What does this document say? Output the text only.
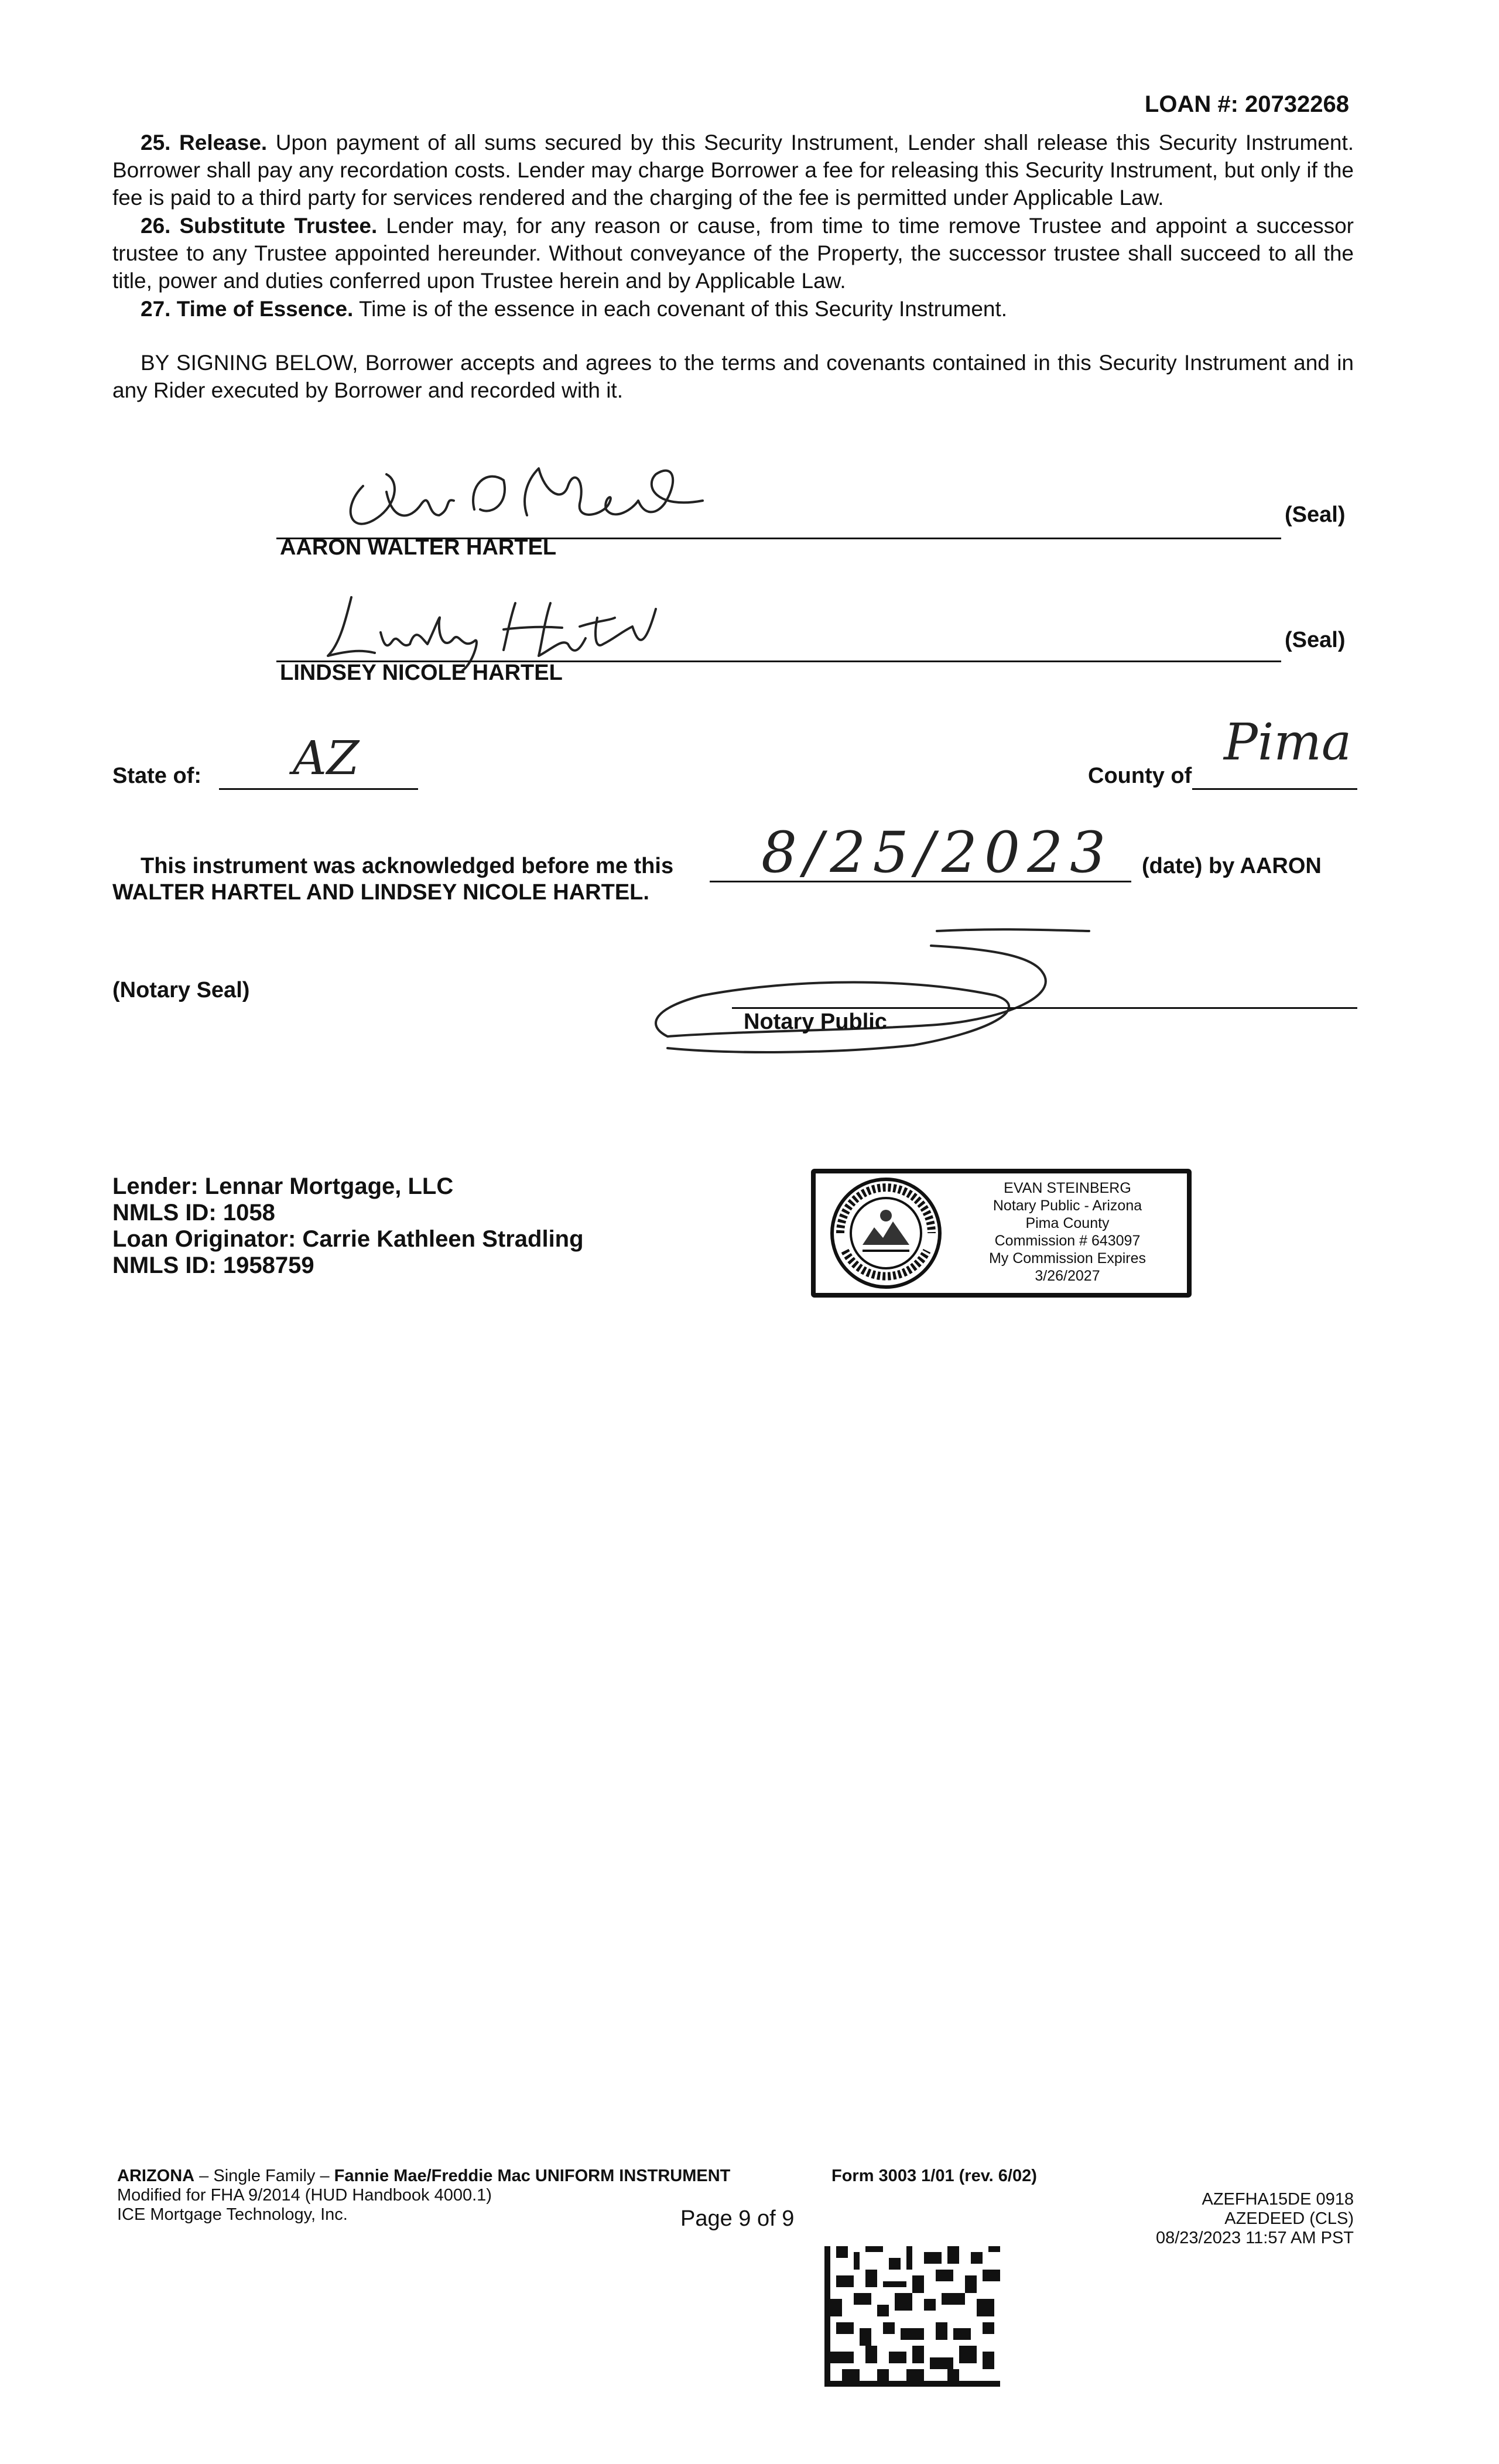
LOAN #: 20732268
25. Release. Upon payment of all sums secured by this Security Instrument, Lender shall release this Security Instrument. Borrower shall pay any recordation costs. Lender may charge Borrower a fee for releasing this Security Instrument, but only if the fee is paid to a third party for services rendered and the charging of the fee is permitted under Applicable Law.
26. Substitute Trustee. Lender may, for any reason or cause, from time to time remove Trustee and appoint a successor trustee to any Trustee appointed hereunder. Without conveyance of the Property, the successor trustee shall succeed to all the title, power and duties conferred upon Trustee herein and by Applicable Law.
27. Time of Essence. Time is of the essence in each covenant of this Security Instrument.
BY SIGNING BELOW, Borrower accepts and agrees to the terms and covenants contained in this Security Instrument and in any Rider executed by Borrower and recorded with it.
(Seal)
AARON WALTER HARTEL
(Seal)
LINDSEY NICOLE HARTEL
State of: AZ	County of
Pima
This instrument was acknowledged before me this 8/25/2023 (date) by AARON
WALTER HARTEL AND LINDSEY NICOLE HARTEL.
(Notary Seal)
Notary Public
Lender: Lennar Mortgage, LLC
NMLS ID: 1058
Loan Originator: Carrie Kathleen Stradling
NMLS ID: 1958759
EVAN STEINBERG
Notary Public - Arizona
Pima County
Commission # 643097
My Commission Expires
3/26/2027
ARIZONA – Single Family – Fannie Mae/Freddie Mac UNIFORM INSTRUMENT
Modified for FHA 9/2014 (HUD Handbook 4000.1)
ICE Mortgage Technology, Inc.
Form 3003 1/01 (rev. 6/02)
Page 9 of 9
AZEFHA15DE 0918
AZEDEED (CLS)
08/23/2023 11:57 AM PST
